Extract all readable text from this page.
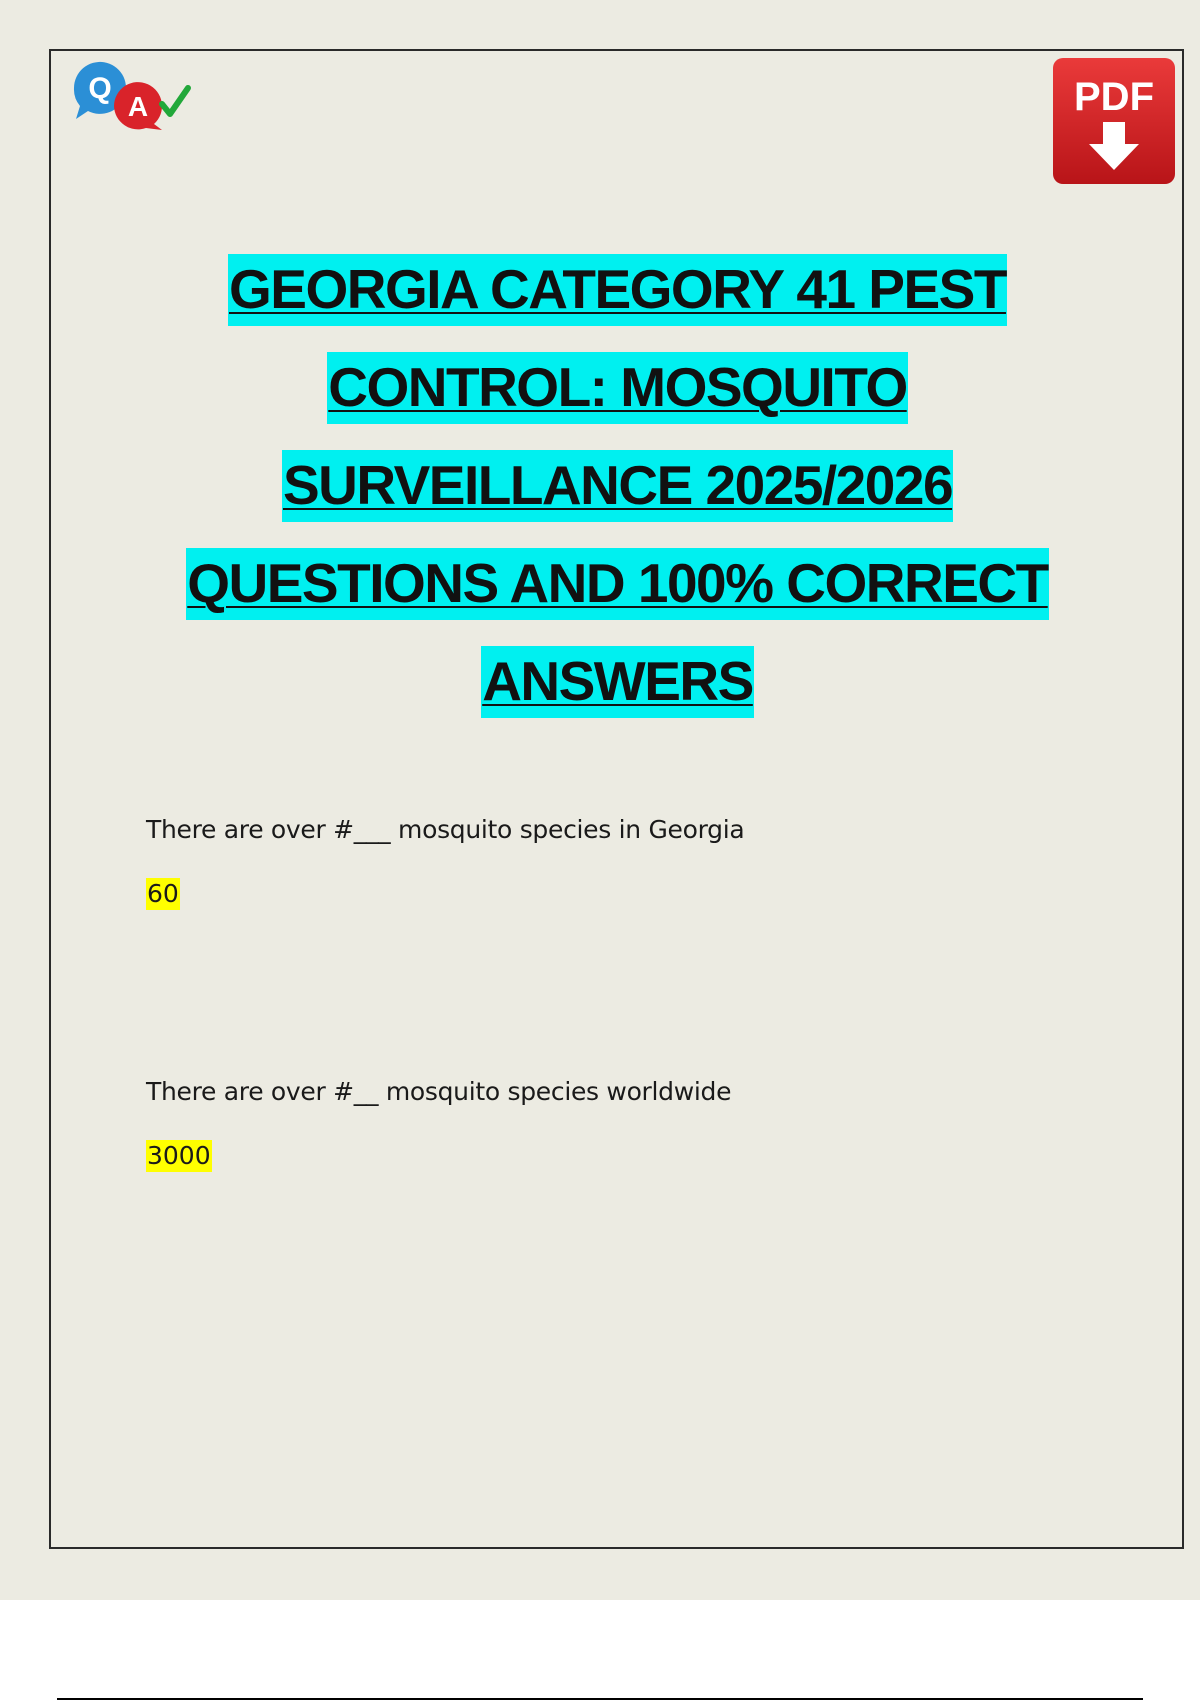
Q
A	PDF
GEORGIA CATEGORY 41 PEST
CONTROL: MOSQUITO
SURVEILLANCE 2025/2026
QUESTIONS AND 100% CORRECT
ANSWERS
There are over #___ mosquito species in Georgia
60
There are over #__ mosquito species worldwide
3000
